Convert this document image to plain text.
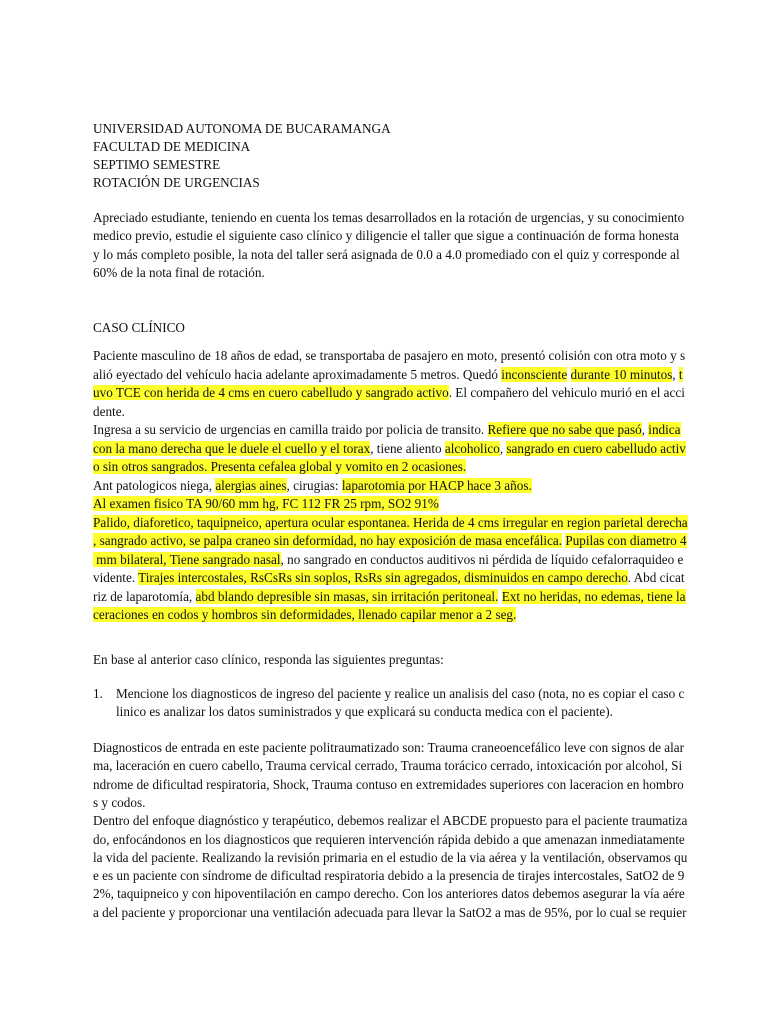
UNIVERSIDAD AUTONOMA DE BUCARAMANGA
FACULTAD DE MEDICINA
SEPTIMO SEMESTRE
ROTACIÓN DE URGENCIAS
Apreciado estudiante, teniendo en cuenta los temas desarrollados en la rotación de urgencias, y su conocimiento
medico previo, estudie el siguiente caso clínico y diligencie el taller que sigue a continuación de forma honesta
y lo más completo posible, la nota del taller será asignada de 0.0 a 4.0 promediado con el quiz y corresponde al
60% de la nota final de rotación.
CASO CLÍNICO
Paciente masculino de 18 años de edad, se transportaba de pasajero en moto, presentó colisión con otra moto y s
alió eyectado del vehículo hacia adelante aproximadamente 5 metros. Quedó inconsciente durante 10 minutos, t
uvo TCE con herida de 4 cms en cuero cabelludo y sangrado activo. El compañero del vehiculo murió en el acci
dente.
Ingresa a su servicio de urgencias en camilla traido por policia de transito. Refiere que no sabe que pasó, indica
con la mano derecha que le duele el cuello y el torax, tiene aliento alcoholico, sangrado en cuero cabelludo activ
o sin otros sangrados. Presenta cefalea global y vomito en 2 ocasiones.
Ant patologicos niega, alergias aines, cirugias: laparotomia por HACP hace 3 años.
Al examen fisico TA 90/60 mm hg, FC 112 FR 25 rpm, SO2 91%
Palido, diaforetico, taquipneico, apertura ocular espontanea. Herida de 4 cms irregular en region parietal derecha
, sangrado activo, se palpa craneo sin deformidad, no hay exposición de masa encefálica. Pupilas con diametro 4
mm bilateral, Tiene sangrado nasal, no sangrado en conductos auditivos ni pérdida de líquido cefalorraquideo e
vidente. Tirajes intercostales, RsCsRs sin soplos, RsRs sin agregados, disminuidos en campo derecho. Abd cicat
riz de laparotomía, abd blando depresible sin masas, sin irritación peritoneal. Ext no heridas, no edemas, tiene la
ceraciones en codos y hombros sin deformidades, llenado capilar menor a 2 seg.
En base al anterior caso clínico, responda las siguientes preguntas:
1. Mencione los diagnosticos de ingreso del paciente y realice un analisis del caso (nota, no es copiar el caso c
linico es analizar los datos suministrados y que explicará su conducta medica con el paciente).
Diagnosticos de entrada en este paciente politraumatizado son: Trauma craneoencefálico leve con signos de alar
ma, laceración en cuero cabello, Trauma cervical cerrado, Trauma torácico cerrado, intoxicación por alcohol, Si
ndrome de dificultad respiratoria, Shock, Trauma contuso en extremidades superiores con laceracion en hombro
s y codos.
Dentro del enfoque diagnóstico y terapéutico, debemos realizar el ABCDE propuesto para el paciente traumatiza
do, enfocándonos en los diagnosticos que requieren intervención rápida debido a que amenazan inmediatamente
la vida del paciente. Realizando la revisión primaria en el estudio de la via aérea y la ventilación, observamos qu
e es un paciente con síndrome de dificultad respiratoria debido a la presencia de tirajes intercostales, SatO2 de 9
2%, taquipneico y con hipoventilación en campo derecho. Con los anteriores datos debemos asegurar la vía aére
a del paciente y proporcionar una ventilación adecuada para llevar la SatO2 a mas de 95%, por lo cual se requier
